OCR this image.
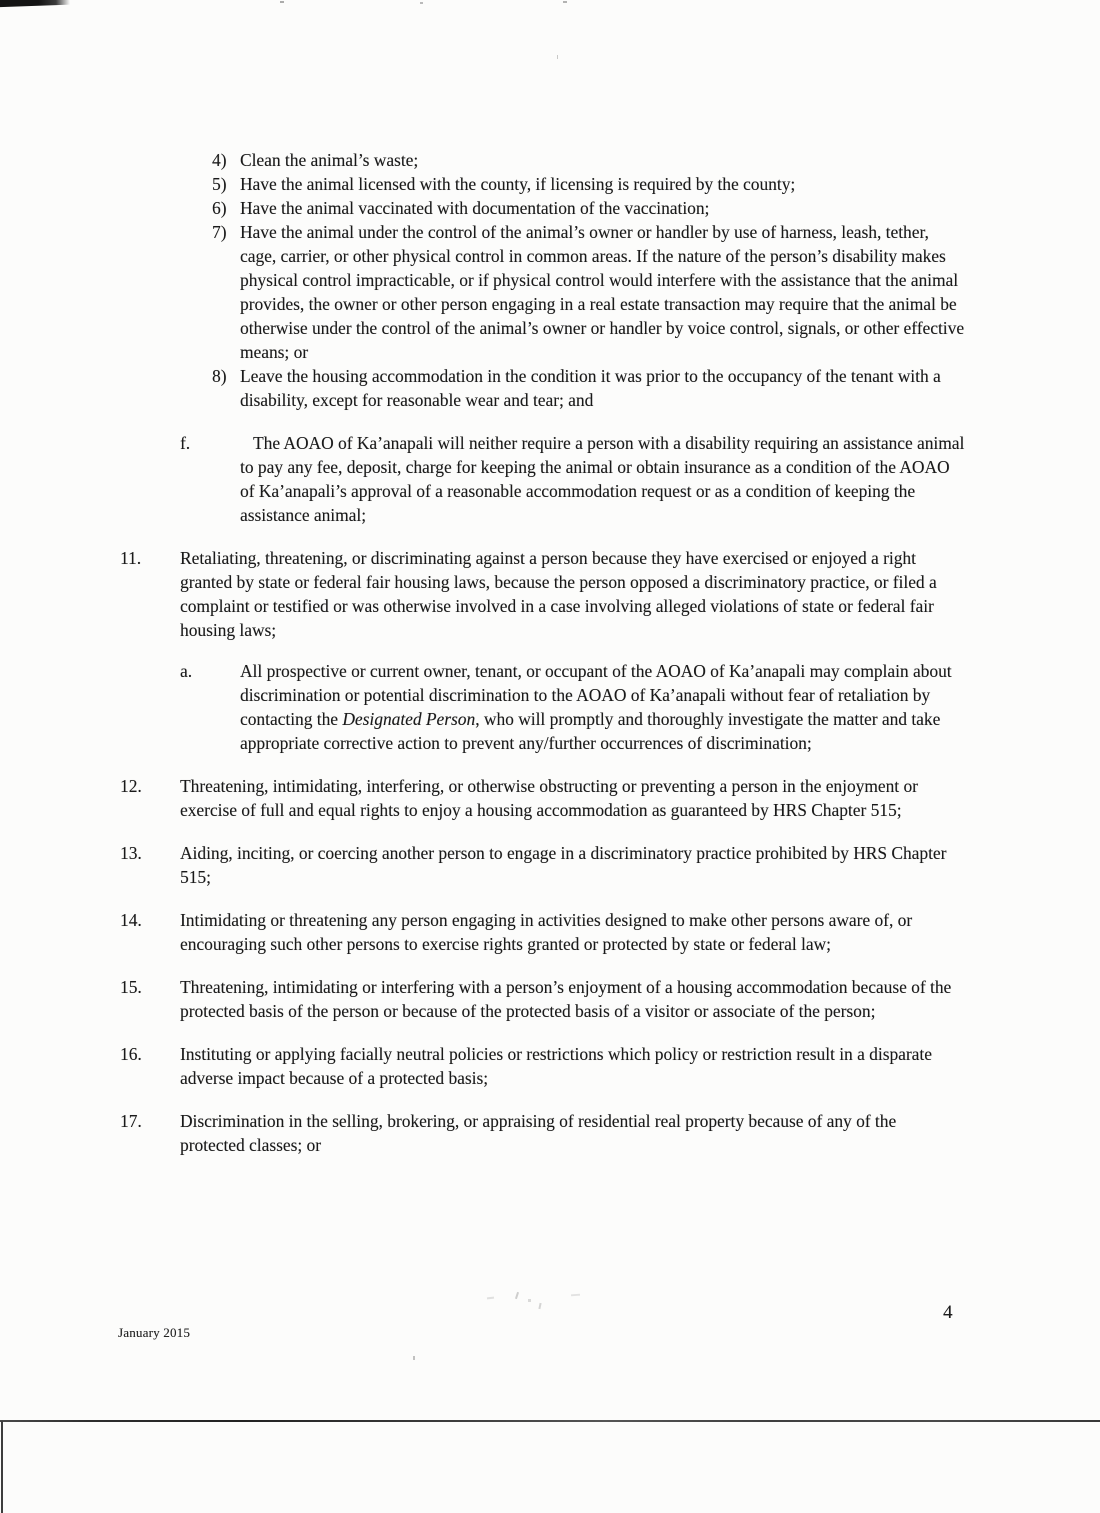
4) Clean the animal’s waste;
5) Have the animal licensed with the county, if licensing is required by the county;
6) Have the animal vaccinated with documentation of the vaccination;
7) Have the animal under the control of the animal’s owner or handler by use of harness, leash, tether, cage, carrier, or other physical control in common areas. If the nature of the person’s disability makes physical control impracticable, or if physical control would interfere with the assistance that the animal provides, the owner or other person engaging in a real estate transaction may require that the animal be otherwise under the control of the animal’s owner or handler by voice control, signals, or other effective means; or
8) Leave the housing accommodation in the condition it was prior to the occupancy of the tenant with a disability, except for reasonable wear and tear; and
f.	The AOAO of Ka’anapali will neither require a person with a disability requiring an assistance animal to pay any fee, deposit, charge for keeping the animal or obtain insurance as a condition of the AOAO of Ka’anapali’s approval of a reasonable accommodation request or as a condition of keeping the assistance animal;
11.	Retaliating, threatening, or discriminating against a person because they have exercised or enjoyed a right granted by state or federal fair housing laws, because the person opposed a discriminatory practice, or filed a complaint or testified or was otherwise involved in a case involving alleged violations of state or federal fair housing laws;
a.	All prospective or current owner, tenant, or occupant of the AOAO of Ka’anapali may complain about discrimination or potential discrimination to the AOAO of Ka’anapali without fear of retaliation by contacting the Designated Person, who will promptly and thoroughly investigate the matter and take appropriate corrective action to prevent any/further occurrences of discrimination;
12.	Threatening, intimidating, interfering, or otherwise obstructing or preventing a person in the enjoyment or exercise of full and equal rights to enjoy a housing accommodation as guaranteed by HRS Chapter 515;
13.	Aiding, inciting, or coercing another person to engage in a discriminatory practice prohibited by HRS Chapter 515;
14.	Intimidating or threatening any person engaging in activities designed to make other persons aware of, or encouraging such other persons to exercise rights granted or protected by state or federal law;
15.	Threatening, intimidating or interfering with a person’s enjoyment of a housing accommodation because of the protected basis of the person or because of the protected basis of a visitor or associate of the person;
16.	Instituting or applying facially neutral policies or restrictions which policy or restriction result in a disparate adverse impact because of a protected basis;
17.	Discrimination in the selling, brokering, or appraising of residential real property because of any of the protected classes; or
January 2015
4
